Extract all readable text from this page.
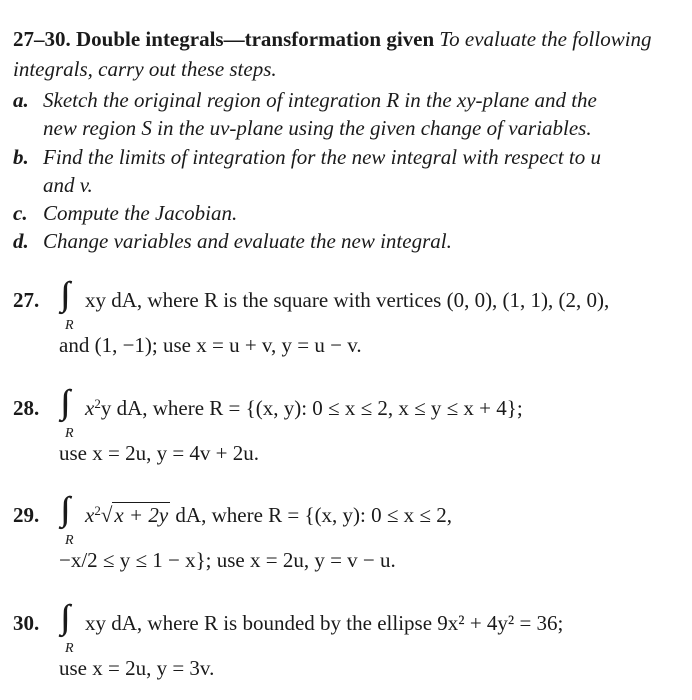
27–30. Double integrals—transformation given To evaluate the following integrals, carry out these steps.
a. Sketch the original region of integration R in the xy-plane and the
new region S in the uv-plane using the given change of variables.
b. Find the limits of integration for the new integral with respect to u
and v.
c. Compute the Jacobian.
d. Change variables and evaluate the new integral.
27.
R
xy dA, where R is the square with vertices (0, 0), (1, 1), (2, 0),
and (1, −1); use x = u + v, y = u − v.
28.
R
$x^2y$ dA, where R = {(x, y): 0 ≤ x ≤ 2, x ≤ y ≤ x + 4};
use x = 2u, y = 4v + 2u.
29.
R
$x^2√x + 2y$ dA, where R = {(x, y): 0 ≤ x ≤ 2,
−x/2 ≤ y ≤ 1 − x}; use x = 2u, y = v − u.
30.
R
xy dA, where R is bounded by the ellipse 9x² + 4y² = 36;
use x = 2u, y = 3v.
